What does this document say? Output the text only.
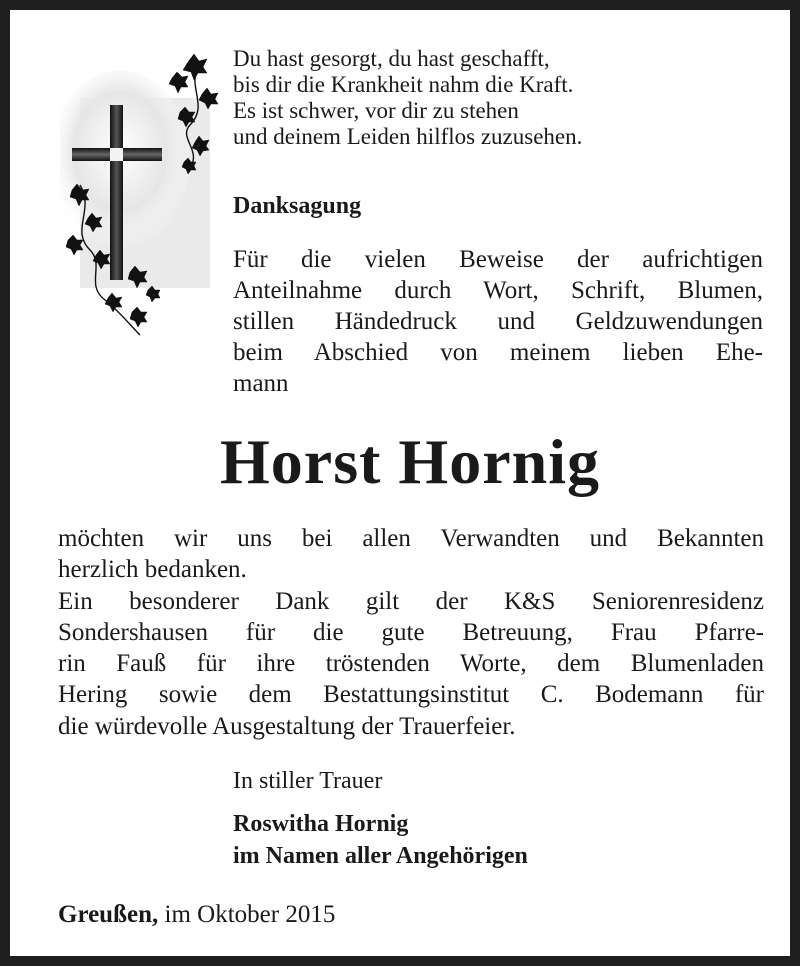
Du hast gesorgt, du hast geschafft,
bis dir die Krankheit nahm die Kraft.
Es ist schwer, vor dir zu stehen
und deinem Leiden hilflos zuzusehen.
Danksagung
Für die vielen Beweise der aufrichtigen
Anteilnahme durch Wort, Schrift, Blumen,
stillen Händedruck und Geldzuwendungen
beim Abschied von meinem lieben Ehe-
mann
Horst Hornig
möchten wir uns bei allen Verwandten und Bekannten
herzlich bedanken.
Ein besonderer Dank gilt der K&S Seniorenresidenz
Sondershausen für die gute Betreuung, Frau Pfarre-
rin Fauß für ihre tröstenden Worte, dem Blumenladen
Hering sowie dem Bestattungsinstitut C. Bodemann für
die würdevolle Ausgestaltung der Trauerfeier.
In stiller Trauer
Roswitha Hornig
im Namen aller Angehörigen
Greußen, im Oktober 2015
